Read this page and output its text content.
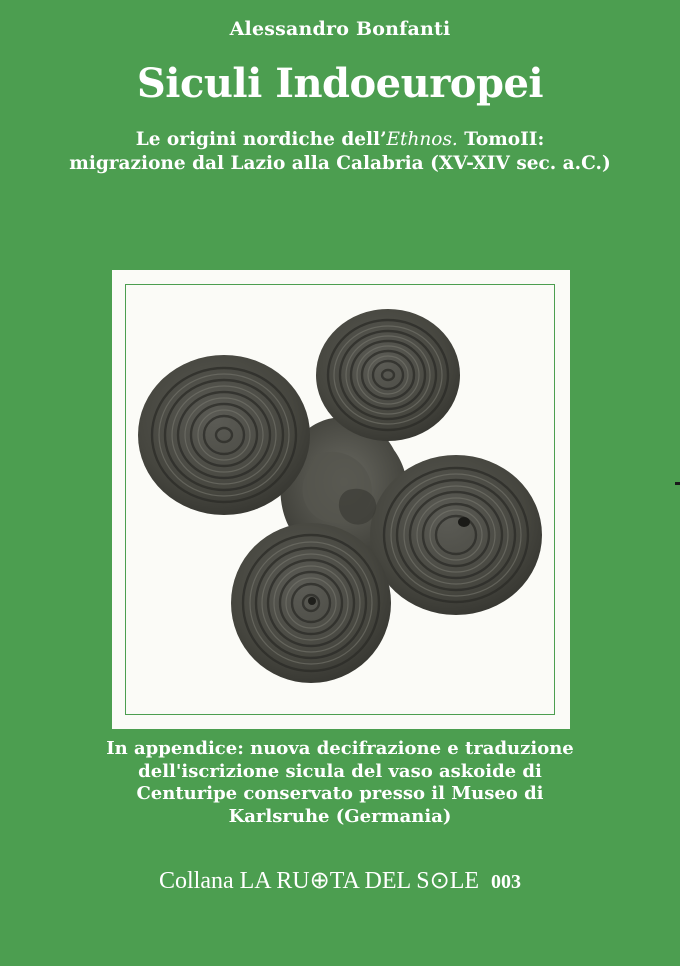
Alessandro Bonfanti
Siculi Indoeuropei
Le origini nordiche dell’Ethnos. TomoII:
migrazione dal Lazio alla Calabria (XV-XIV sec. a.C.)
In appendice: nuova decifrazione e traduzione
dell'iscrizione sicula del vaso askoide di
Centuripe conservato presso il Museo di
Karlsruhe (Germania)
Collana LA RU⊕TA DEL S⊙LE 003
